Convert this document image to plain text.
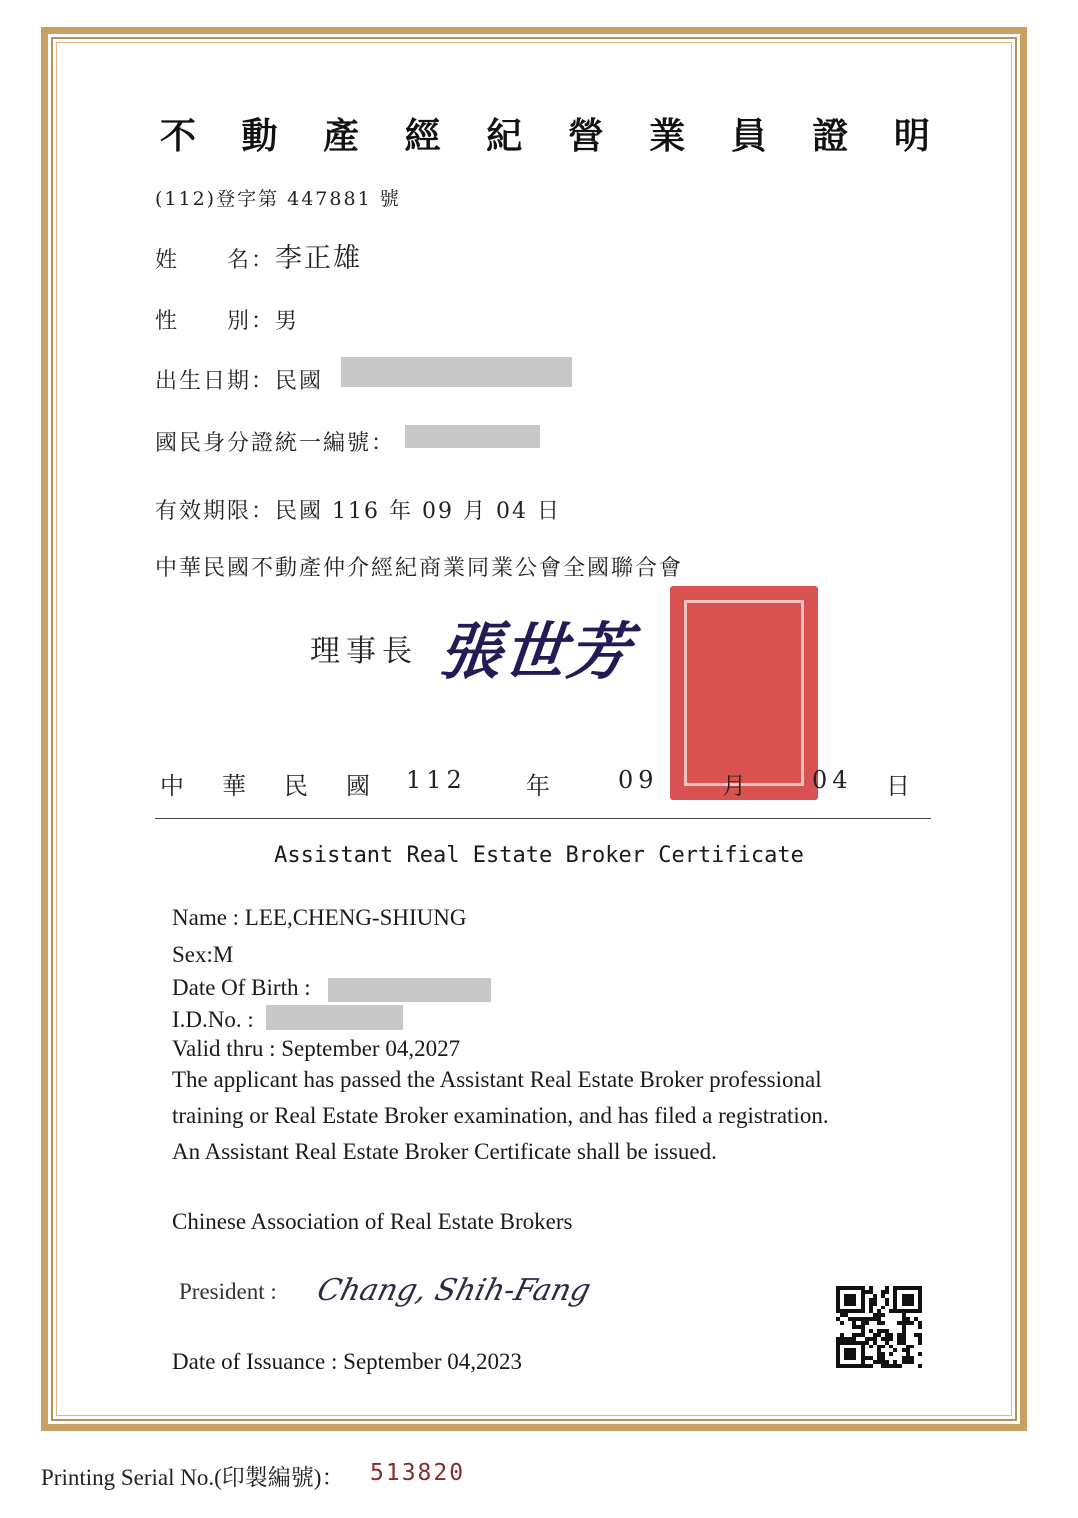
不 動 產 經 紀 營 業 員 證 明
(112)登字第 447881 號
姓　　名：李正雄
性　　別：男
出生日期：民國
國民身分證統一編號：
有效期限：民國 116 年 09 月 04 日
中華民國不動產仲介經紀商業同業公會全國聯合會
理事長 張世芳
中 華 民 國 112 年	09	月	04 日
Assistant Real Estate Broker Certificate
Name : LEE,CHENG-SHIUNG
Sex:M
Date Of Birth :
I.D.No. :
Valid thru : September 04,2027
The applicant has passed the Assistant Real Estate Broker professional
training or Real Estate Broker examination, and has filed a registration.
An Assistant Real Estate Broker Certificate shall be issued.
Chinese Association of Real Estate Brokers
President : Chang, Shih-Fang
Date of Issuance : September 04,2023
Printing Serial No.(印製編號)： 513820
